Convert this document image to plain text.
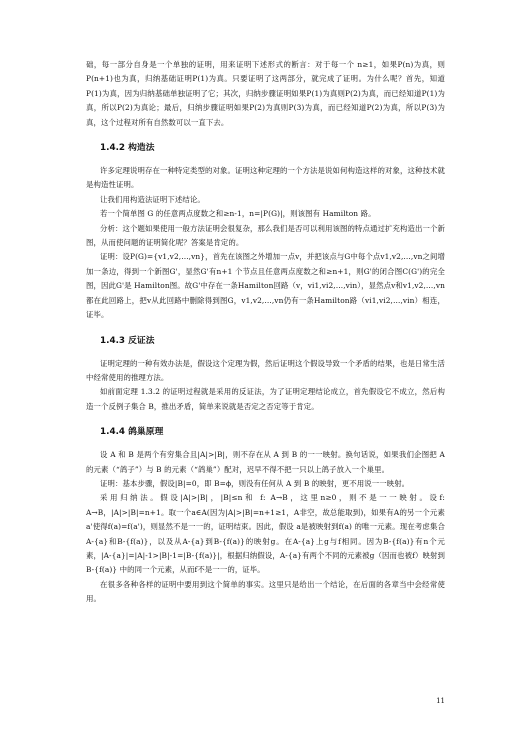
础，每一部分自身是一个单独的证明，用来证明下述形式的断言：对于每一个 n≥1，如果P(n)为真，则P(n+1)也为真，归纳基础证明P(1)为真。只要证明了这两部分，就完成了证明。为什么呢？首先，知道 P(1)为真，因为归纳基础单独证明了它；其次，归纳步骤证明如果P(1)为真则P(2)为真，而已经知道P(1)为真，所以P(2)为真论；最后，归纳步骤证明如果P(2)为真则P(3)为真，而已经知道P(2)为真，所以P(3)为真，这个过程对所有自然数可以一直下去。

1.4.2 构造法

许多定理说明存在一种特定类型的对象。证明这种定理的一个方法是说如何构造这样的对象，这种技术就是构造性证明。

让我们用构造法证明下述结论。

若一个简单图 G 的任意两点度数之和≥n-1，n=|P(G)|，则该图有 Hamilton 路。

分析：这个题如果使用一般方法证明会很复杂，那么我们是否可以利用该图的特点通过扩充构造出一个新图，从而使问题的证明简化呢？答案是肯定的。

证明：设P(G)={v1,v2,…,vn}，首先在该图之外增加一点v，并把该点与G中每个点v1,v2,…,vn之间增加一条边，得到一个新图G'，显然G'有n+1 个节点且任意两点度数之和≥n+1，则G'的闭合图C(G')的完全图，因此G'是 Hamilton图。故G'中存在一条Hamilton回路（v，vi1,vi2,…,vin），显然点v和v1,v2,…,vn都在此回路上，把v从此回路中删除得到图G，v1,v2,…,vn仍有一条Hamilton路（vi1,vi2,…,vin）相连，证毕。

1.4.3 反证法

证明定理的一种有效办法是，假设这个定理为假，然后证明这个假设导致一个矛盾的结果，也是日常生活中经常使用的推理方法。

如前面定理 1.3.2 的证明过程就是采用的反证法，为了证明定理结论成立，首先假设它不成立，然后构造一个反例子集合 B，推出矛盾，简单来说就是否定之否定等于肯定。

1.4.4 鸽巢原理

设 A 和 B 是两个有穷集合且|A|>|B|，则不存在从 A 到 B 的一一映射。换句话说，如果我们企图把 A 的元素（“鸽子”）与 B 的元素（“鸽巢”）配对，迟早不得不把一只以上鸽子放入一个巢里。

证明：基本步骤，假设|B|=0，即 B=ϕ，则没有任何从 A 到 B 的映射，更不用说一一映射。

采用归纳法。假设|A|>|B|，|B|≤n和 f: A→B，这里n≥0，则不是一一映射。设f: A→B，|A|>|B|=n+1。取一个a∈A(因为|A|>|B|=n+1≥1，A非空，故总能取到)，如果有A的另一个元素a'使得f(a)=f(a')，则显然不是一一的，证明结束。因此，假设 a是被映射到f(a) 的唯一元素。现在考虑集合A-{a}和B-{f(a)}，以及从A-{a}到B-{f(a)}的映射g。在A-{a}上g与f相同。因为B-{f(a)}有n个元素，|A-{a}|=|A|-1>|B|-1=|B-{f(a)}|，根据归纳假设，A-{a}有两个不同的元素被g（因而也被f）映射到B-{f(a)} 中的同一个元素，从而f不是一一的，证毕。

在很多各种各样的证明中要用到这个简单的事实。这里只是给出一个结论，在后面的各章当中会经常使用。

11
